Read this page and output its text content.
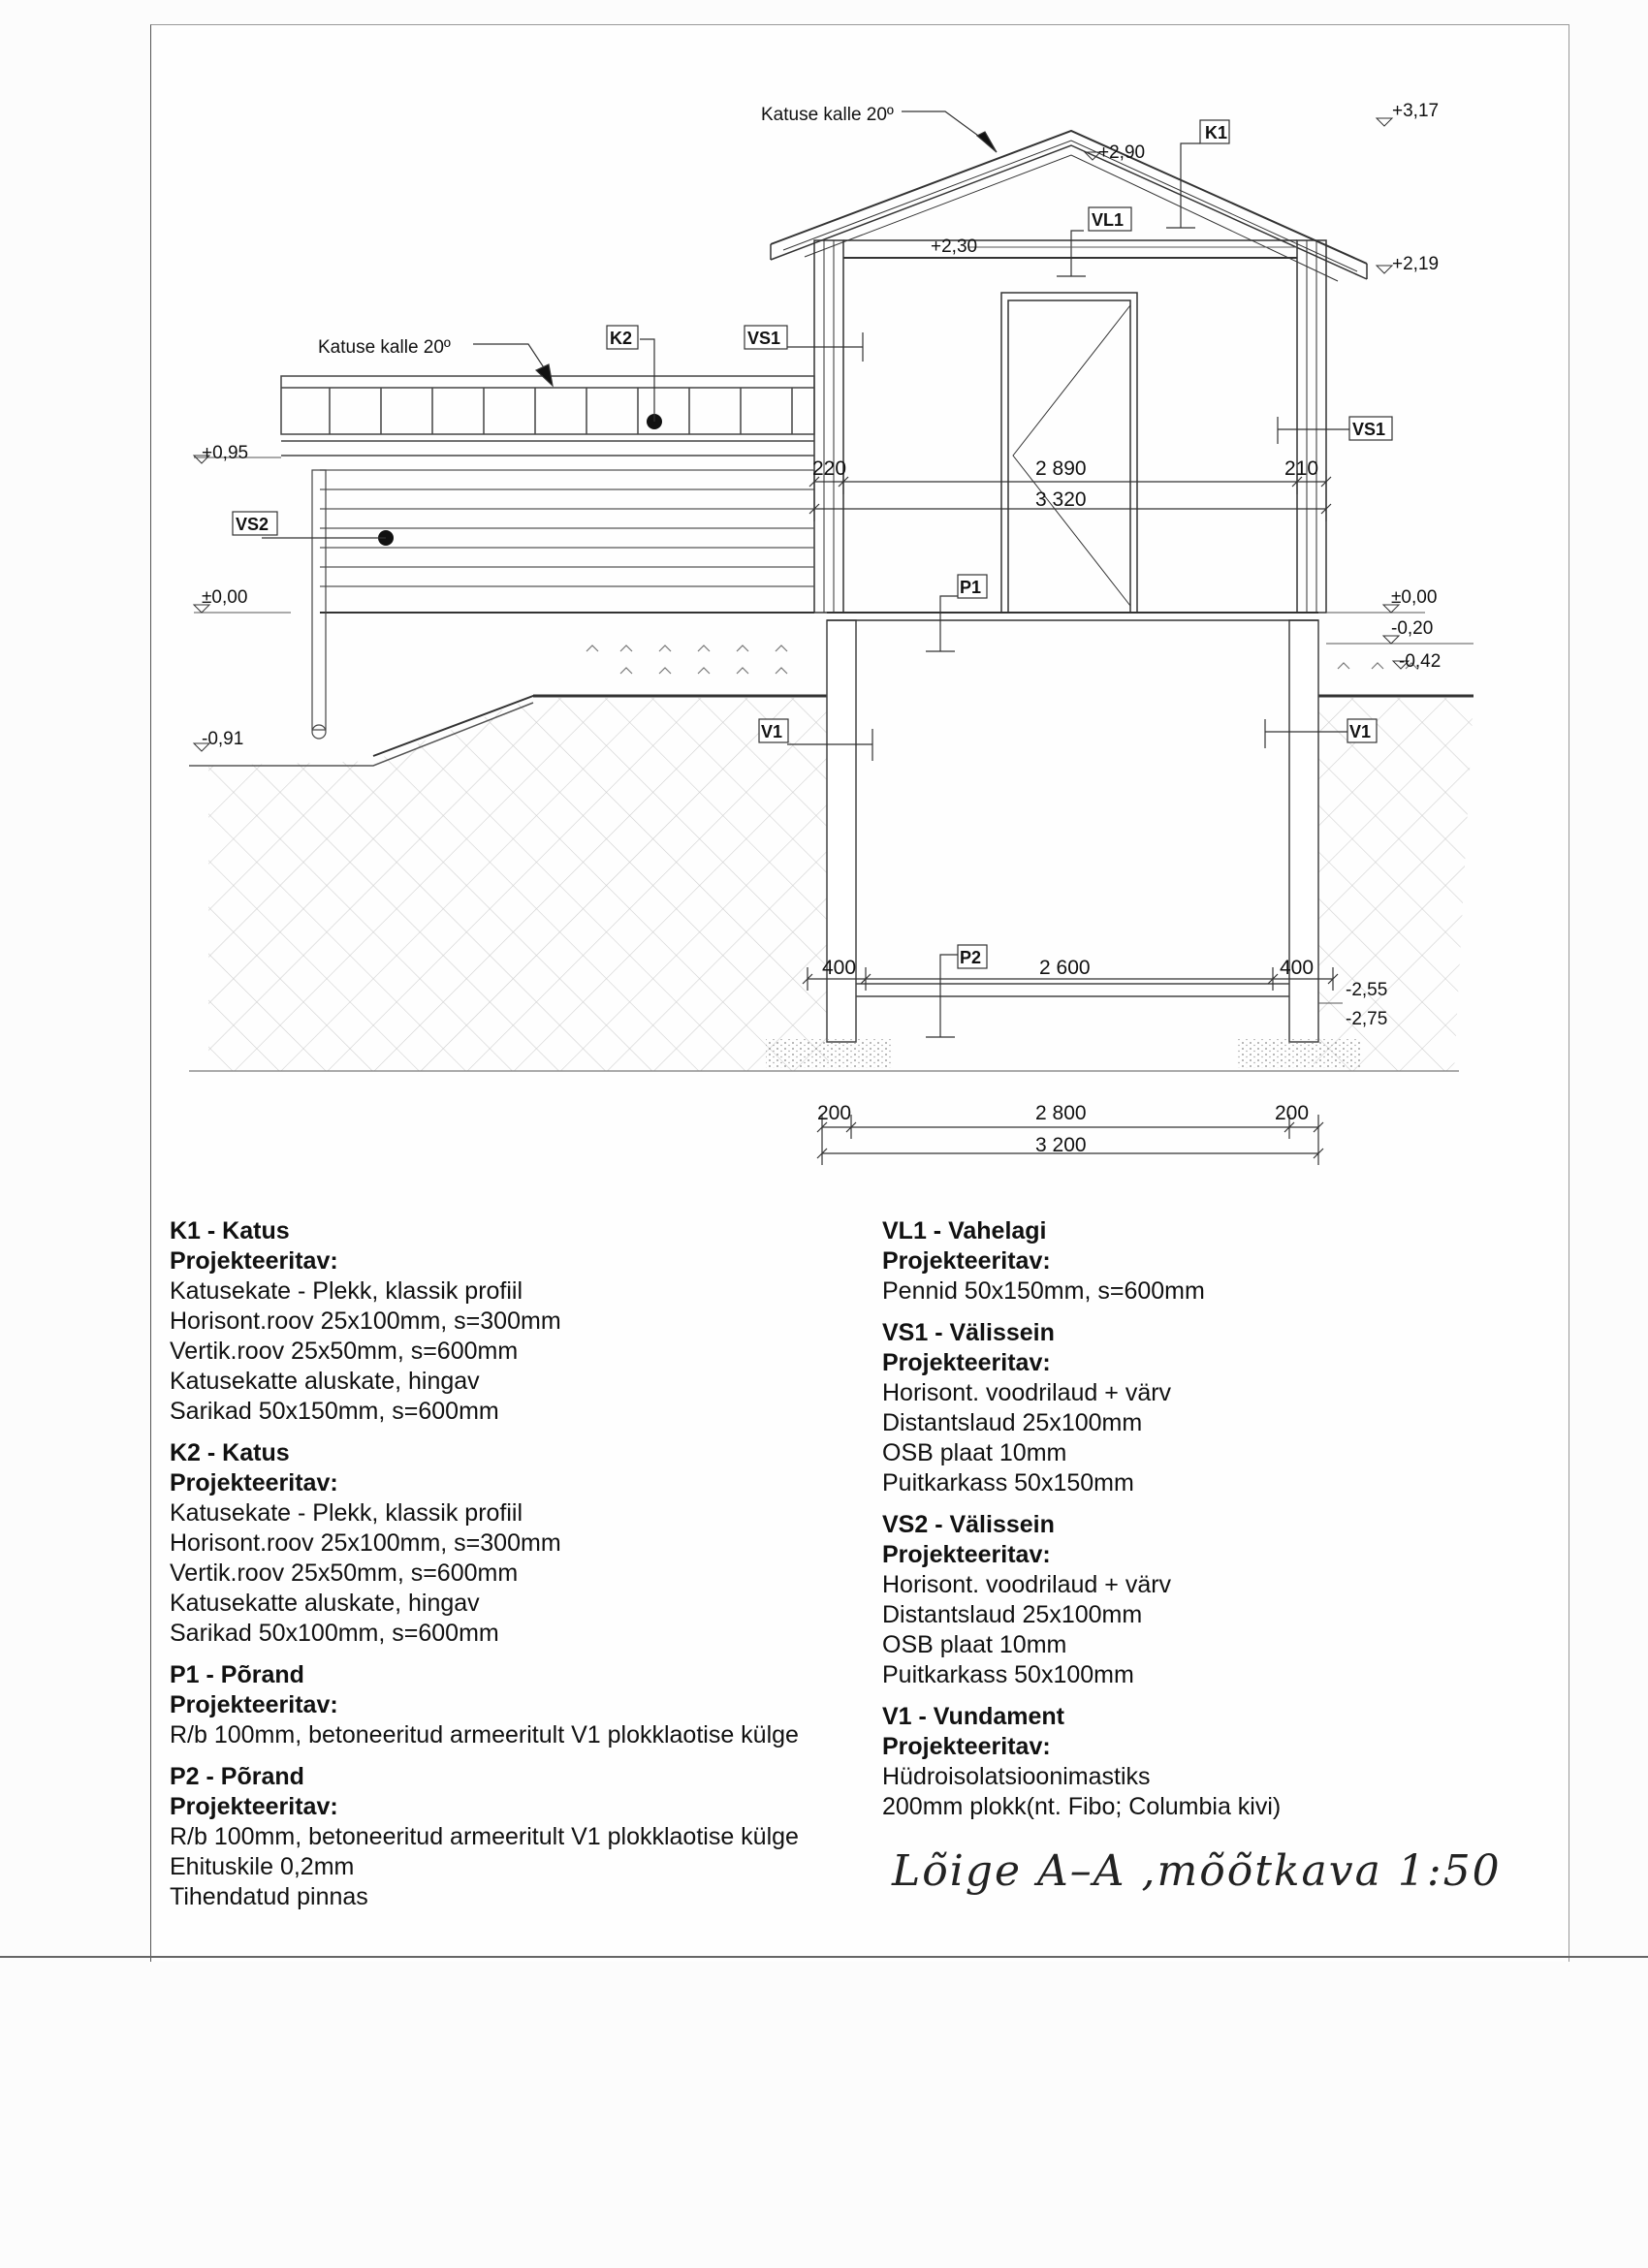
Katuse kalle 20º
Katuse kalle 20º
K1
VL1
K2	VS1
VS1
VS2
P1
V1	V1
P2
+2,90
+3,17
+2,30
+2,19
+0,95
±0,00	±0,00
-0,20
-0,42
-0,91
-2,55
-2,75
220	2 890	210
3 320
400	2 600	400
200	2 800	200
3 200
K1 - Katus
Projekteeritav:
Katusekate - Plekk, klassik profiil
Horisont.roov 25x100mm, s=300mm
Vertik.roov 25x50mm, s=600mm
Katusekatte aluskate, hingav
Sarikad 50x150mm, s=600mm
K2 - Katus
Projekteeritav:
Katusekate - Plekk, klassik profiil
Horisont.roov 25x100mm, s=300mm
Vertik.roov 25x50mm, s=600mm
Katusekatte aluskate, hingav
Sarikad 50x100mm, s=600mm
P1 - Põrand
Projekteeritav:
R/b 100mm, betoneeritud armeeritult V1 plokklaotise külge
P2 - Põrand
Projekteeritav:
R/b 100mm, betoneeritud armeeritult V1 plokklaotise külge
Ehituskile 0,2mm
Tihendatud pinnas
VL1 - Vahelagi
Projekteeritav:
Pennid 50x150mm, s=600mm
VS1 - Välissein
Projekteeritav:
Horisont. voodrilaud + värv
Distantslaud 25x100mm
OSB plaat 10mm
Puitkarkass 50x150mm
VS2 - Välissein
Projekteeritav:
Horisont. voodrilaud + värv
Distantslaud 25x100mm
OSB plaat 10mm
Puitkarkass 50x100mm
V1 - Vundament
Projekteeritav:
Hüdroisolatsioonimastiks
200mm plokk(nt. Fibo; Columbia kivi)
Lõige A–A ,mõõtkava 1:50
